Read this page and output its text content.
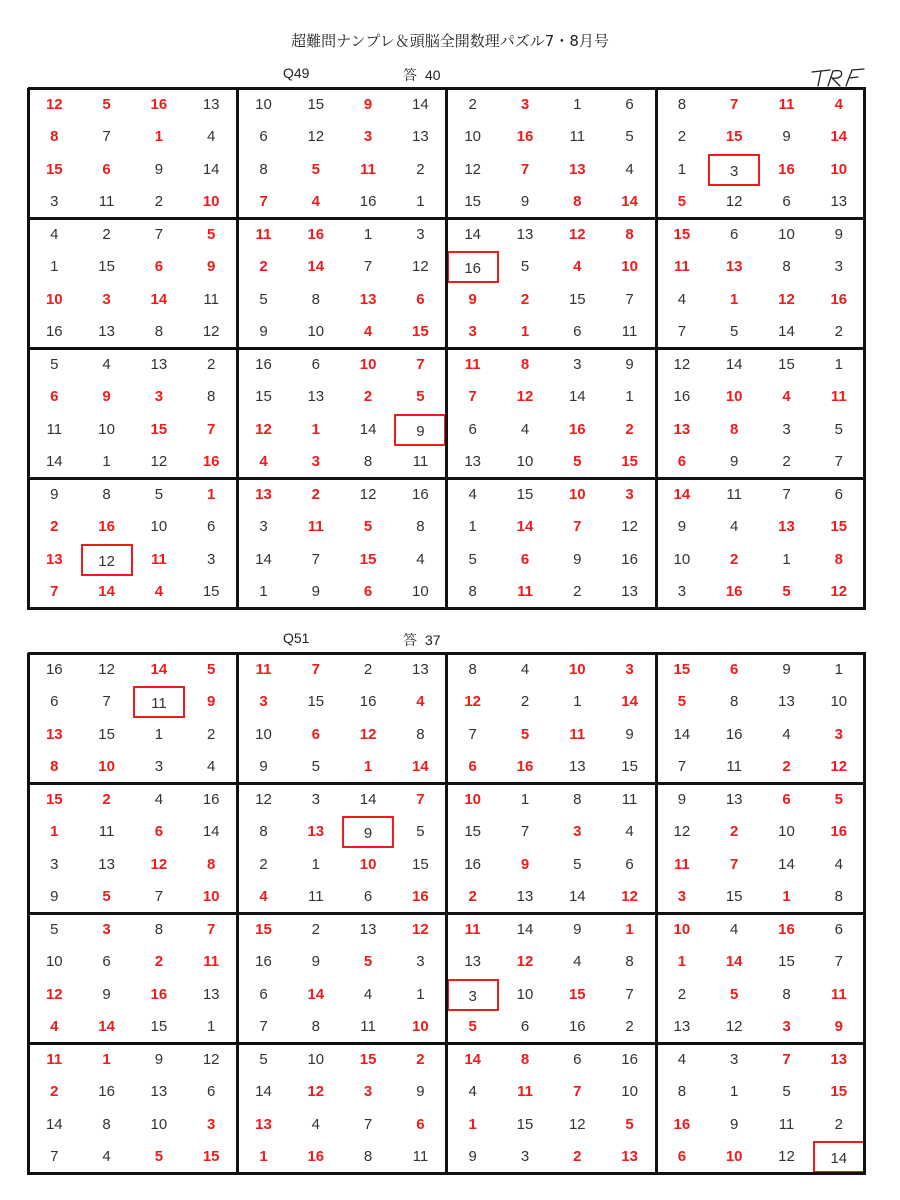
超難問ナンプレ＆頭脳全開数理パズル7・8月号
Q49	答 40
12	5	16	13	10	15	9	14	2	3	1	6	8	7	11	4
8	7	1	4	6	12	3	13	10	16	11	5	2	15	9	14
15	6	9	14	8	5	11	2	12	7	13	4	1	3	16	10
3	11	2	10	7	4	16	1	15	9	8	14	5	12	6	13
4	2	7	5	11	16	1	3	14	13	12	8	15	6	10	9
1	15	6	9	2	14	7	12	16	5	4	10	11	13	8	3
10	3	14	11	5	8	13	6	9	2	15	7	4	1	12	16
16	13	8	12	9	10	4	15	3	1	6	11	7	5	14	2
5	4	13	2	16	6	10	7	11	8	3	9	12	14	15	1
6	9	3	8	15	13	2	5	7	12	14	1	16	10	4	11
11	10	15	7	12	1	14	9	6	4	16	2	13	8	3	5
14	1	12	16	4	3	8	11	13	10	5	15	6	9	2	7
9	8	5	1	13	2	12	16	4	15	10	3	14	11	7	6
2	16	10	6	3	11	5	8	1	14	7	12	9	4	13	15
13	12	11	3	14	7	15	4	5	6	9	16	10	2	1	8
7	14	4	15	1	9	6	10	8	11	2	13	3	16	5	12
Q51	答 37
16	12	14	5	11	7	2	13	8	4	10	3	15	6	9	1
6	7	11	9	3	15	16	4	12	2	1	14	5	8	13	10
13	15	1	2	10	6	12	8	7	5	11	9	14	16	4	3
8	10	3	4	9	5	1	14	6	16	13	15	7	11	2	12
15	2	4	16	12	3	14	7	10	1	8	11	9	13	6	5
1	11	6	14	8	13	9	5	15	7	3	4	12	2	10	16
3	13	12	8	2	1	10	15	16	9	5	6	11	7	14	4
9	5	7	10	4	11	6	16	2	13	14	12	3	15	1	8
5	3	8	7	15	2	13	12	11	14	9	1	10	4	16	6
10	6	2	11	16	9	5	3	13	12	4	8	1	14	15	7
12	9	16	13	6	14	4	1	3	10	15	7	2	5	8	11
4	14	15	1	7	8	11	10	5	6	16	2	13	12	3	9
11	1	9	12	5	10	15	2	14	8	6	16	4	3	7	13
2	16	13	6	14	12	3	9	4	11	7	10	8	1	5	15
14	8	10	3	13	4	7	6	1	15	12	5	16	9	11	2
7	4	5	15	1	16	8	11	9	3	2	13	6	10	12	14
